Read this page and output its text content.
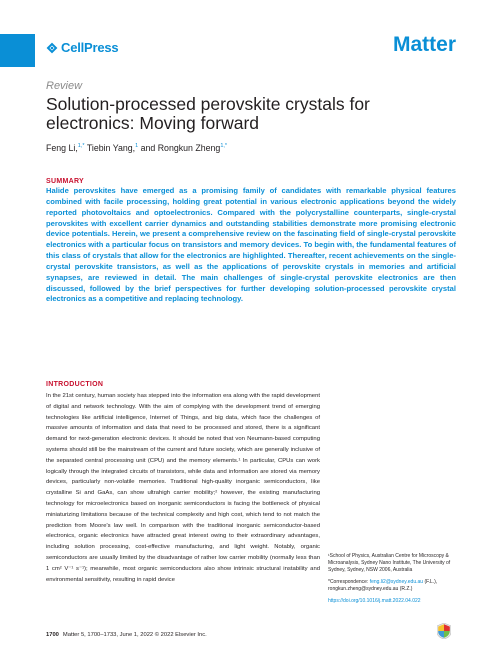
CellPress	Matter
Review
Solution-processed perovskite crystals for electronics: Moving forward
Feng Li,$^{1,*}$ Tiebin Yang,$^1$ and Rongkun Zheng$^{1,*}$
SUMMARY

Halide perovskites have emerged as a promising family of candidates with remarkable physical features combined with facile processing, holding great potential in various electronic applications beyond the widely reported photovoltaics and optoelectronics. Compared with the polycrystalline counterparts, single-crystal perovskites with excellent carrier dynamics and outstanding stabilities demonstrate more promising electronic device potentials. Herein, we present a comprehensive review on the fascinating field of single-crystal perovskite electronics with a particular focus on transistors and memory devices. To begin with, the fundamental features of this class of crystals that allow for the electronics are highlighted. Thereafter, recent achievements on the single-crystal perovskite transistors, as well as the applications of perovskite crystals in memories and artificial synapses, are reviewed in detail. The main challenges of single-crystal perovskite electronics are then discussed, followed by the brief perspectives for further developing solution-processed perovskite crystal electronics as a competitive and replacing technology.

INTRODUCTION

In the 21st century, human society has stepped into the information era along with the rapid development of digital and network technology. With the aim of complying with the development trend of emerging technologies like artificial intelligence, Internet of Things, and big data, which face the challenges of massive amounts of information and data that need to be processed and stored, there is a significant demand for next-generation electronic devices. It should be noted that von Neumann-based computing systems should still be the mainstream of the current and future society, which are generally inclusive of the separated central processing unit (CPU) and the memory elements.¹ In particular, CPUs can work logically through the integrated circuits of transistors, while data and information are stored via memory devices, particularly non-volatile memories. Traditional high-quality inorganic semiconductors, like crystalline Si and GaAs, can show ultrahigh carrier mobility;² however, the existing manufacturing technology for microelectronics based on inorganic semiconductors is facing the bottleneck of physical miniaturizing limitations because of the technical complexity and high cost, which tend to not match the prediction from Moore's law well. In comparison with the traditional inorganic semiconductor-based electronics, organic electronics have attracted great interest owing to their extraordinary advantages, including solution processing, cost-effective manufacturing, and light weight. Notably, organic semiconductors are usually limited by the disadvantage of rather low carrier mobility (normally less than 1 cm² V⁻¹ s⁻¹); meanwhile, most organic semiconductors also show intrinsic structural instability and environmental sensitivity, resulting in rapid device

¹School of Physics, Australian Centre for Microscopy & Microanalysis, Sydney Nano Institute, The University of Sydney, Sydney, NSW 2006, Australia
*Correspondence: feng.li2@sydney.edu.au (F.L.), rongkun.zheng@sydney.edu.au (R.Z.)
https://doi.org/10.1016/j.matt.2022.04.022
1700 Matter 5, 1700–1733, June 1, 2022 © 2022 Elsevier Inc.
